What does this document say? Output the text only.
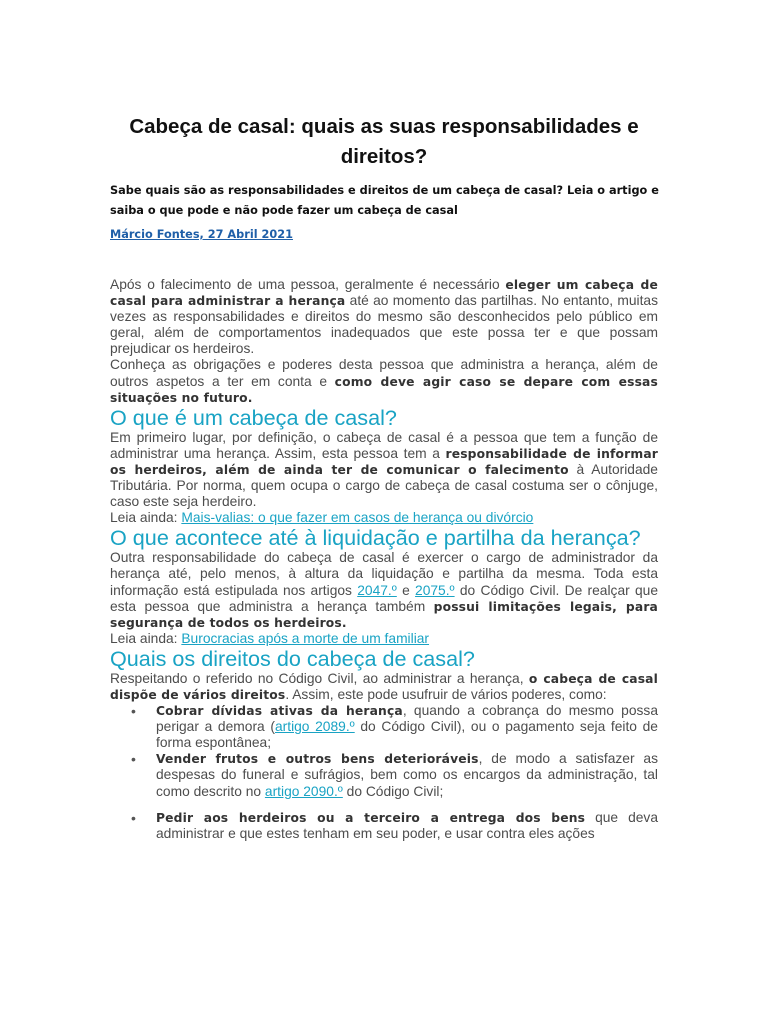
Cabeça de casal: quais as suas responsabilidades e direitos?

Sabe quais são as responsabilidades e direitos de um cabeça de casal? Leia o artigo e saiba o que pode e não pode fazer um cabeça de casal

Márcio Fontes, 27 Abril 2021

Após o falecimento de uma pessoa, geralmente é necessário eleger um cabeça de casal para administrar a herança até ao momento das partilhas. No entanto, muitas vezes as responsabilidades e direitos do mesmo são desconhecidos pelo público em geral, além de comportamentos inadequados que este possa ter e que possam prejudicar os herdeiros.

Conheça as obrigações e poderes desta pessoa que administra a herança, além de outros aspetos a ter em conta e como deve agir caso se depare com essas situações no futuro.

O que é um cabeça de casal?

Em primeiro lugar, por definição, o cabeça de casal é a pessoa que tem a função de administrar uma herança. Assim, esta pessoa tem a responsabilidade de informar os herdeiros, além de ainda ter de comunicar o falecimento à Autoridade Tributária. Por norma, quem ocupa o cargo de cabeça de casal costuma ser o cônjuge, caso este seja herdeiro.

Leia ainda: Mais-valias: o que fazer em casos de herança ou divórcio

O que acontece até à liquidação e partilha da herança?

Outra responsabilidade do cabeça de casal é exercer o cargo de administrador da herança até, pelo menos, à altura da liquidação e partilha da mesma. Toda esta informação está estipulada nos artigos 2047.º e 2075.º do Código Civil. De realçar que esta pessoa que administra a herança também possui limitações legais, para segurança de todos os herdeiros.

Leia ainda: Burocracias após a morte de um familiar

Quais os direitos do cabeça de casal?

Respeitando o referido no Código Civil, ao administrar a herança, o cabeça de casal dispõe de vários direitos. Assim, este pode usufruir de vários poderes, como:

• Cobrar dívidas ativas da herança, quando a cobrança do mesmo possa perigar a demora (artigo 2089.º do Código Civil), ou o pagamento seja feito de forma espontânea;
• Vender frutos e outros bens deterioráveis, de modo a satisfazer as despesas do funeral e sufrágios, bem como os encargos da administração, tal como descrito no artigo 2090.º do Código Civil;
• Pedir aos herdeiros ou a terceiro a entrega dos bens que deva administrar e que estes tenham em seu poder, e usar contra eles ações
